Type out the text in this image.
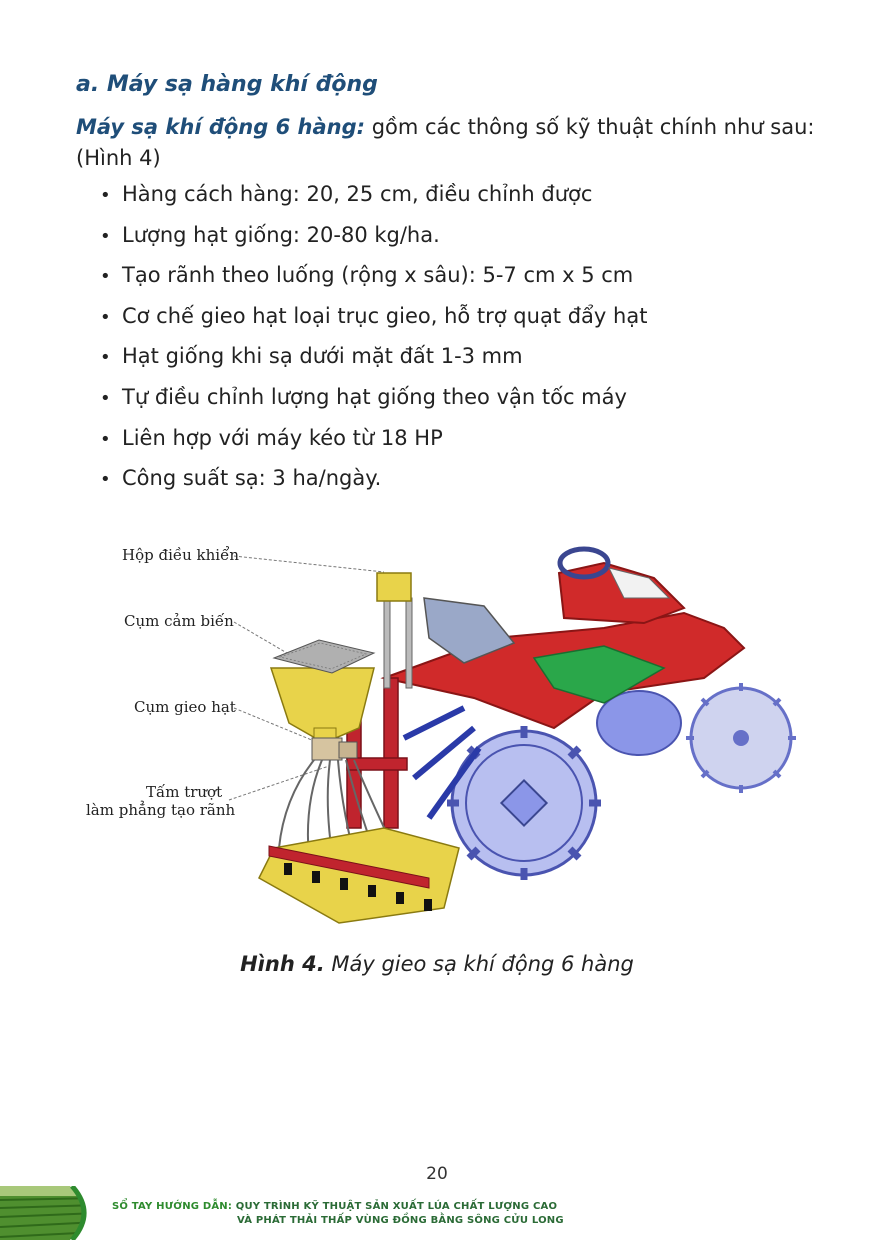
a. Máy sạ hàng khí động
Máy sạ khí động 6 hàng: gồm các thông số kỹ thuật chính như sau: (Hình 4)
• Hàng cách hàng: 20, 25 cm, điều chỉnh được
• Lượng hạt giống: 20-80 kg/ha.
• Tạo rãnh theo luống (rộng x sâu): 5-7 cm x 5 cm
• Cơ chế gieo hạt loại trục gieo, hỗ trợ quạt đẩy hạt
• Hạt giống khi sạ dưới mặt đất 1-3 mm
• Tự điều chỉnh lượng hạt giống theo vận tốc máy
• Liên hợp với máy kéo từ 18 HP
• Công suất sạ: 3 ha/ngày.
Hộp điều khiển
Cụm cảm biến
Cụm gieo hạt
Tấm trượt
làm phẳng tạo rãnh
Hình 4. Máy gieo sạ khí động 6 hàng
20
SỔ TAY HƯỚNG DẪN: QUY TRÌNH KỸ THUẬT SẢN XUẤT LÚA CHẤT LƯỢNG CAO
VÀ PHÁT THẢI THẤP VÙNG ĐỒNG BẰNG SÔNG CỬU LONG
